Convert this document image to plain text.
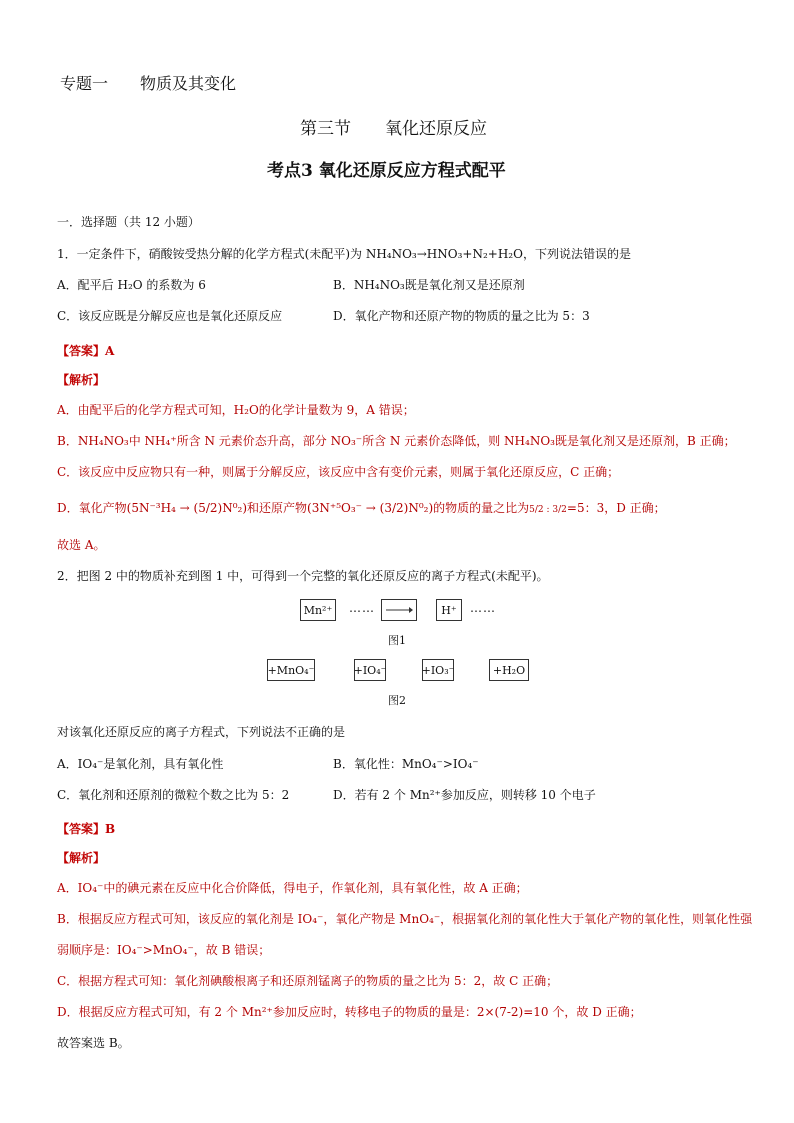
专题一　　物质及其变化
第三节　　氧化还原反应
考点3 氧化还原反应方程式配平
一．选择题（共 12 小题）
1．一定条件下，硝酸铵受热分解的化学方程式(未配平)为 NH₄NO₃→HNO₃+N₂+H₂O，下列说法错误的是
A．配平后 H₂O 的系数为 6	B．NH₄NO₃既是氧化剂又是还原剂
C．该反应既是分解反应也是氧化还原反应	D．氧化产物和还原产物的物质的量之比为 5：3
【答案】A
【解析】
A．由配平后的化学方程式可知，H₂O的化学计量数为 9，A 错误；
B．NH₄NO₃中 NH₄⁺所含 N 元素价态升高，部分 NO₃⁻所含 N 元素价态降低，则 NH₄NO₃既是氧化剂又是还原剂，B 正确；
C．该反应中反应物只有一种，则属于分解反应，该反应中含有变价元素，则属于氧化还原反应，C 正确；
D．氧化产物(5N⁻³H₄ → (5/2)N⁰₂)和还原产物(3N⁺⁵O₃⁻ → (3/2)N⁰₂)的物质的量之比为5/2 : 3/2=5：3，D 正确；
故选 A。
2．把图 2 中的物质补充到图 1 中，可得到一个完整的氧化还原反应的离子方程式(未配平)。
Mn²⁺	……	H⁺	……
图1
+MnO₄⁻	+IO₄⁻	+IO₃⁻	+H₂O
图2
对该氧化还原反应的离子方程式，下列说法不正确的是
A．IO₄⁻是氧化剂，具有氧化性	B．氧化性：MnO₄⁻>IO₄⁻
C．氧化剂和还原剂的微粒个数之比为 5：2	D．若有 2 个 Mn²⁺参加反应，则转移 10 个电子
【答案】B
【解析】
A．IO₄⁻中的碘元素在反应中化合价降低，得电子，作氧化剂，具有氧化性，故 A 正确；
B．根据反应方程式可知，该反应的氧化剂是 IO₄⁻，氧化产物是 MnO₄⁻，根据氧化剂的氧化性大于氧化产物的氧化性，则氧化性强
弱顺序是：IO₄⁻>MnO₄⁻，故 B 错误；
C．根据方程式可知：氧化剂碘酸根离子和还原剂锰离子的物质的量之比为 5：2，故 C 正确；
D．根据反应方程式可知，有 2 个 Mn²⁺参加反应时，转移电子的物质的量是：2×(7-2)=10 个，故 D 正确；
故答案选 B。
